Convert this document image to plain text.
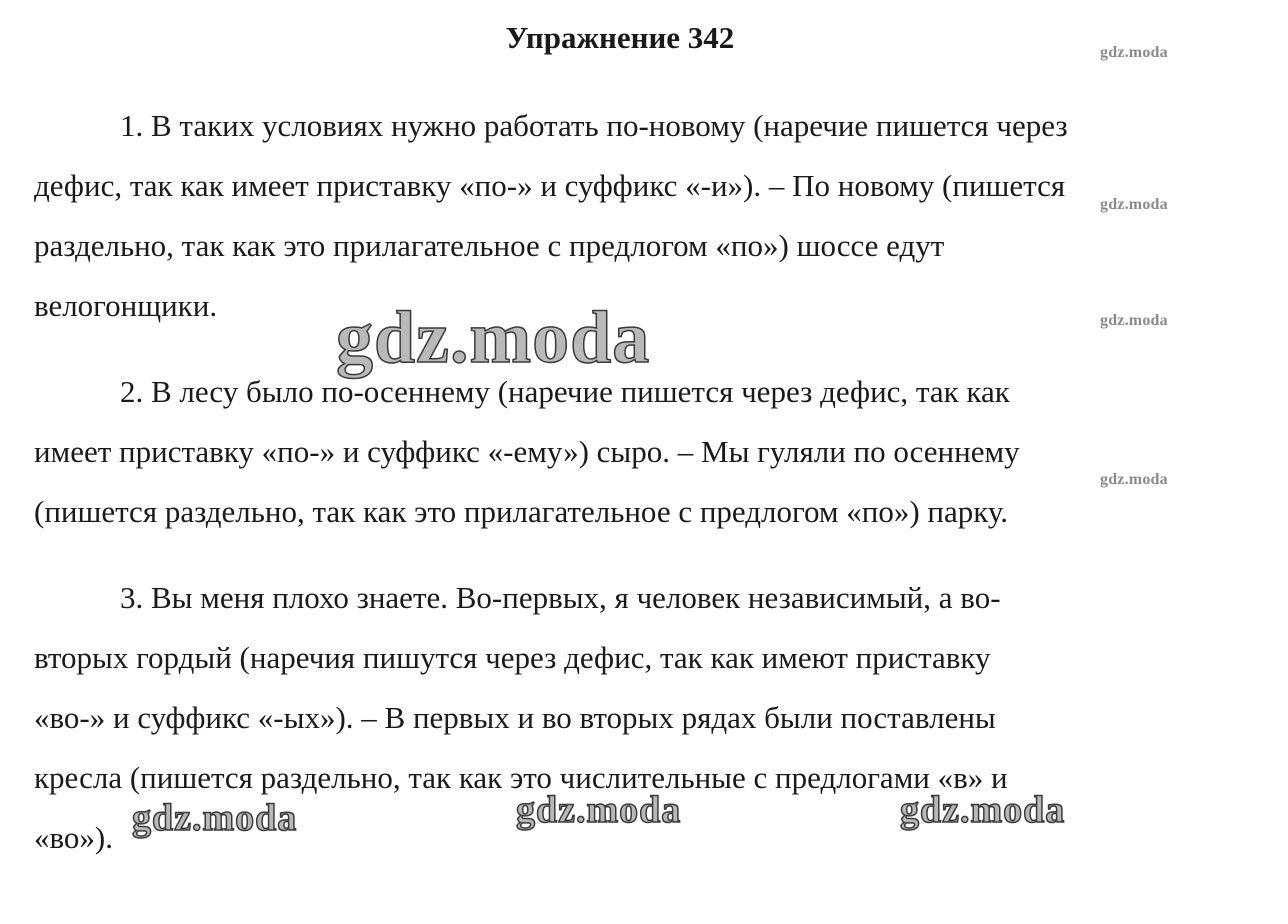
Упражнение 342
1. В таких условиях нужно работать по-новому (наречие пишется через
дефис, так как имеет приставку «по-» и суффикс «-и»). – По новому (пишется
раздельно, так как это прилагательное с предлогом «по») шоссе едут
велогонщики.
2. В лесу было по-осеннему (наречие пишется через дефис, так как
имеет приставку «по-» и суффикс «-ему») сыро. – Мы гуляли по осеннему
(пишется раздельно, так как это прилагательное с предлогом «по») парку.
3. Вы меня плохо знаете. Во-первых, я человек независимый, а во-
вторых гордый (наречия пишутся через дефис, так как имеют приставку
«во-» и суффикс «-ых»). – В первых и во вторых рядах были поставлены
кресла (пишется раздельно, так как это числительные с предлогами «в» и
«во»).
gdz.moda
gdz.moda
gdz.moda
gdz.moda
gdz.moda
gdz.moda	gdz.moda	gdz.moda
